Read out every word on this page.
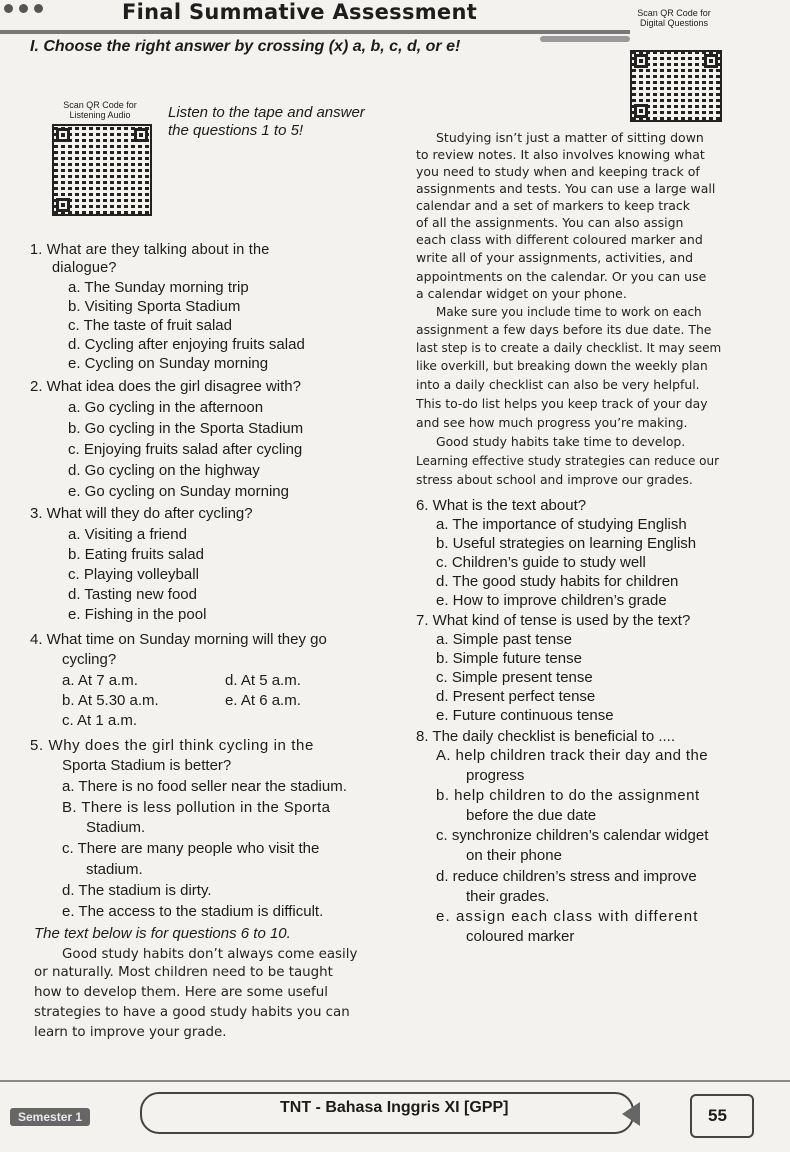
Final Summative Assessment	Scan QR Code for Digital Questions
I. Choose the right answer by crossing (x) a, b, c, d, or e!
Scan QR Code for Listening Audio	Listen to the tape and answer
the questions 1 to 5!
1. What are they talking about in the
dialogue?
a. The Sunday morning trip
b. Visiting Sporta Stadium
c. The taste of fruit salad
d. Cycling after enjoying fruits salad
e. Cycling on Sunday morning
2. What idea does the girl disagree with?
a. Go cycling in the afternoon
b. Go cycling in the Sporta Stadium
c. Enjoying fruits salad after cycling
d. Go cycling on the highway
e. Go cycling on Sunday morning
3. What will they do after cycling?
a. Visiting a friend
b. Eating fruits salad
c. Playing volleyball
d. Tasting new food
e. Fishing in the pool
4. What time on Sunday morning will they go
cycling?
a. At 7 a.m.	d. At 5 a.m.
b. At 5.30 a.m.	e. At 6 a.m.
c. At 1 a.m.
5. Why does the girl think cycling in the
Sporta Stadium is better?
a. There is no food seller near the stadium.
B. There is less pollution in the Sporta
Stadium.
c. There are many people who visit the
stadium.
d. The stadium is dirty.
e. The access to the stadium is difficult.
The text below is for questions 6 to 10.
Good study habits don’t always come easily
or naturally. Most children need to be taught
how to develop them. Here are some useful
strategies to have a good study habits you can
learn to improve your grade.
Studying isn’t just a matter of sitting down
to review notes. It also involves knowing what
you need to study when and keeping track of
assignments and tests. You can use a large wall
calendar and a set of markers to keep track
of all the assignments. You can also assign
each class with different coloured marker and
write all of your assignments, activities, and
appointments on the calendar. Or you can use
a calendar widget on your phone.
Make sure you include time to work on each
assignment a few days before its due date. The
last step is to create a daily checklist. It may seem
like overkill, but breaking down the weekly plan
into a daily checklist can also be very helpful.
This to-do list helps you keep track of your day
and see how much progress you’re making.
Good study habits take time to develop.
Learning effective study strategies can reduce our
stress about school and improve our grades.
6. What is the text about?
a. The importance of studying English
b. Useful strategies on learning English
c. Children’s guide to study well
d. The good study habits for children
e. How to improve children’s grade
7. What kind of tense is used by the text?
a. Simple past tense
b. Simple future tense
c. Simple present tense
d. Present perfect tense
e. Future continuous tense
8. The daily checklist is beneficial to ....
A. help children track their day and the
progress
b. help children to do the assignment
before the due date
c. synchronize children’s calendar widget
on their phone
d. reduce children’s stress and improve
their grades.
e. assign each class with different
coloured marker
Semester 1
TNT - Bahasa Inggris XI [GPP]	55
